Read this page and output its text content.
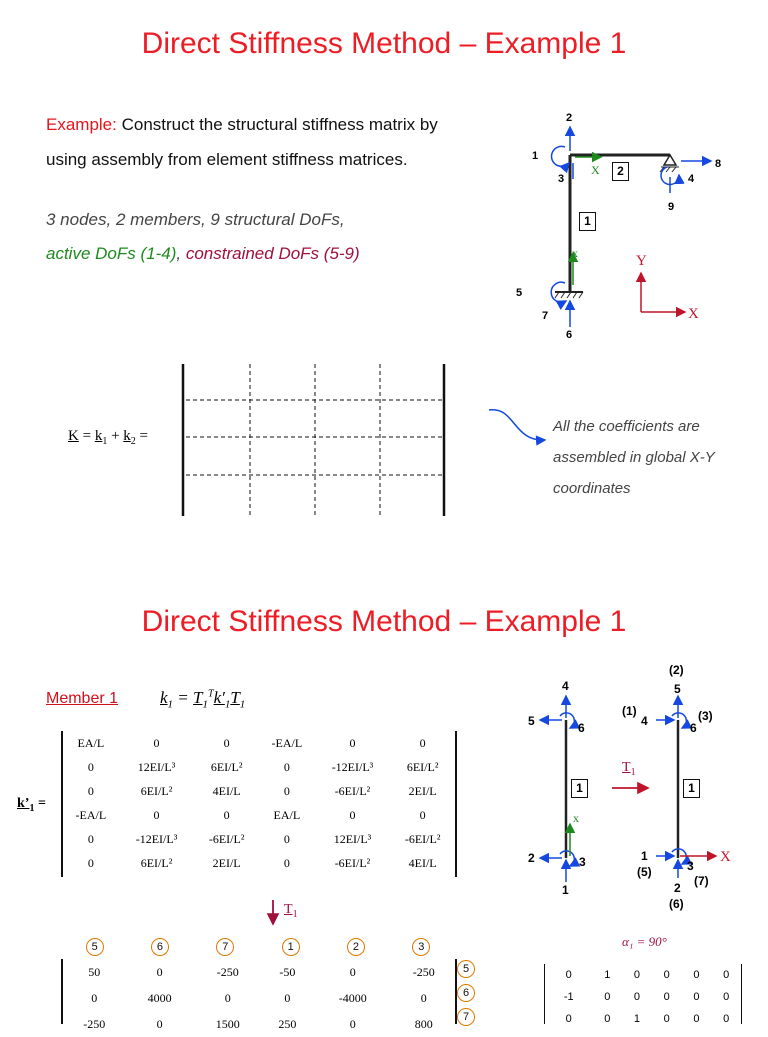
Direct Stiffness Method – Example 1
Example: Construct the structural stiffness matrix by
using assembly from element stiffness matrices.
3 nodes, 2 members, 9 structural DoFs,
active DoFs (1-4), constrained DoFs (5-9)
2
1
3
X
x
8
4
9
5
7
6
Y
X
2
1
$K = k_1 + k_2$ =
All the coefficients are assembled in global X-Y coordinates
Direct Stiffness Method – Example 1
Member 1 $k_1 = T_1^Tk'_1T_1$
$k’_1$ =
EA/L	0	0	-EA/L	0	0
0	12EI/L³	6EI/L²	0	-12EI/L³	6EI/L²
0	6EI/L²	4EI/L	0	-6EI/L²	2EI/L
-EA/L	0	0	EA/L	0	0
0	-12EI/L³	-6EI/L²	0	12EI/L³	-6EI/L²
0	6EI/L²	2EI/L	0	-6EI/L²	4EI/L
$T_1$
5	6	7	1	2	3
50	0	-250	-50	0	-250
0	4000	0	0	-4000	0
-250	0	1500	250	0	800
5
6
7
α₁ = 90°
0	1	0	0	0	0
-1	0	0	0	0	0
0	0	1	0	0	0
4
5	6
x
2	3
1
(2)
5
(1)
4	6
(3)
1
(5)	3
(7)
2
(6)
X
1	1
$T_1$
